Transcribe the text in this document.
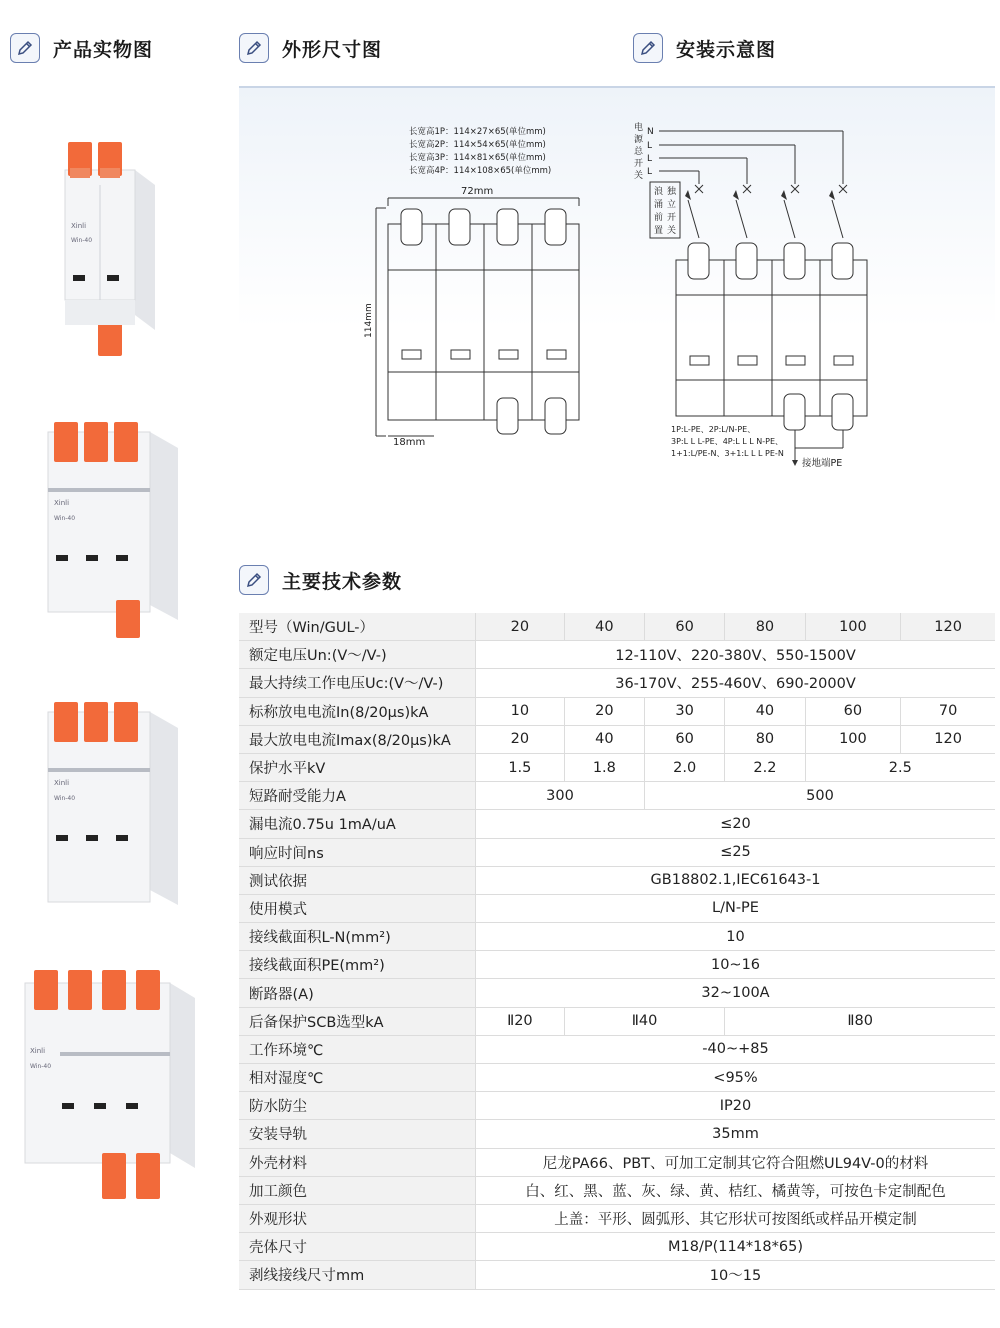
产品实物图	外形尺寸图	安装示意图
主要技术参数
Xinli
Win-40
Xinli
Win-40
Xinli
Win-40
Xinli
Win-40
长宽高1P：114×27×65(单位mm)
长宽高2P：114×54×65(单位mm)
长宽高3P：114×81×65(单位mm)
长宽高4P：114×108×65(单位mm)
72mm
18mm
114mm
电
源
总
开
关
N
L
L
L
浪
涌
前
置
独
立
开
关
1P:L-PE、2P:L/N-PE、
3P:L L L-PE、4P:L L L N-PE、
1+1:L/PE-N、3+1:L L L PE-N
接地端PE
型号（Win/GUL-）	20	40	60	80	100	120
额定电压Un:(V～/V-)	12-110V、220-380V、550-1500V					
最大持续工作电压Uc:(V～/V-)	36-170V、255-460V、690-2000V					
标称放电电流In(8/20μs)kA	10	20	30	40	60	70
最大放电电流Imax(8/20μs)kA	20	40	60	80	100	120
保护水平kV	1.5	1.8	2.0	2.2	2.5	
短路耐受能力A	300		500			
漏电流0.75u 1mA/uA	≤20					
响应时间ns	≤25					
测试依据	GB18802.1,IEC61643-1					
使用模式	L/N-PE					
接线截面积L-N(mm²)	10					
接线截面积PE(mm²)	10~16					
断路器(A)	32~100A					
后备保护SCB选型kA	Ⅱ20	Ⅱ40		Ⅱ80		
工作环境℃	-40~+85					
相对湿度℃	<95%					
防水防尘	IP20					
安装导轨	35mm					
外壳材料	尼龙PA66、PBT、可加工定制其它符合阻燃UL94V-0的材料					
加工颜色	白、红、黑、蓝、灰、绿、黄、桔红、橘黄等，可按色卡定制配色					
外观形状	上盖：平形、圆弧形、其它形状可按图纸或样品开模定制					
壳体尺寸	M18/P(114*18*65)					
剥线接线尺寸mm	10～15					
